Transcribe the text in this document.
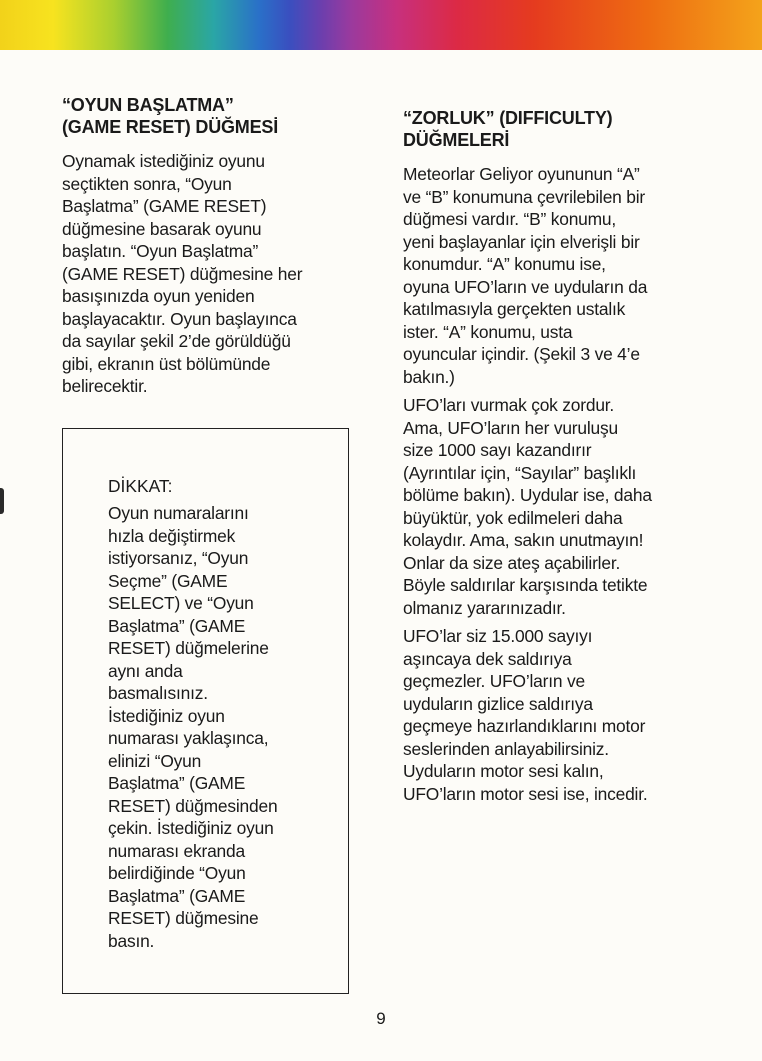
“OYUN BAŞLATMA”
(GAME RESET) DÜĞMESİ
Oynamak istediğiniz oyunu
seçtikten sonra, “Oyun
Başlatma” (GAME RESET)
düğmesine basarak oyunu
başlatın. “Oyun Başlatma”
(GAME RESET) düğmesine her
basışınızda oyun yeniden
başlayacaktır. Oyun başlayınca
da sayılar şekil 2’de görüldüğü
gibi, ekranın üst bölümünde
belirecektir.
DİKKAT:
Oyun numaralarını
hızla değiştirmek
istiyorsanız, “Oyun
Seçme” (GAME
SELECT) ve “Oyun
Başlatma” (GAME
RESET) düğmelerine
aynı anda
basmalısınız.
İstediğiniz oyun
numarası yaklaşınca,
elinizi “Oyun
Başlatma” (GAME
RESET) düğmesinden
çekin. İstediğiniz oyun
numarası ekranda
belirdiğinde “Oyun
Başlatma” (GAME
RESET) düğmesine
basın.
“ZORLUK” (DIFFICULTY)
DÜĞMELERİ
Meteorlar Geliyor oyununun “A”
ve “B” konumuna çevrilebilen bir
düğmesi vardır. “B” konumu,
yeni başlayanlar için elverişli bir
konumdur. “A” konumu ise,
oyuna UFO’ların ve uyduların da
katılmasıyla gerçekten ustalık
ister. “A” konumu, usta
oyuncular içindir. (Şekil 3 ve 4’e
bakın.)
UFO’ları vurmak çok zordur.
Ama, UFO’ların her vuruluşu
size 1000 sayı kazandırır
(Ayrıntılar için, “Sayılar” başlıklı
bölüme bakın). Uydular ise, daha
büyüktür, yok edilmeleri daha
kolaydır. Ama, sakın unutmayın!
Onlar da size ateş açabilirler.
Böyle saldırılar karşısında tetikte
olmanız yararınızadır.
UFO’lar siz 15.000 sayıyı
aşıncaya dek saldırıya
geçmezler. UFO’ların ve
uyduların gizlice saldırıya
geçmeye hazırlandıklarını motor
seslerinden anlayabilirsiniz.
Uyduların motor sesi kalın,
UFO’ların motor sesi ise, incedir.
9
